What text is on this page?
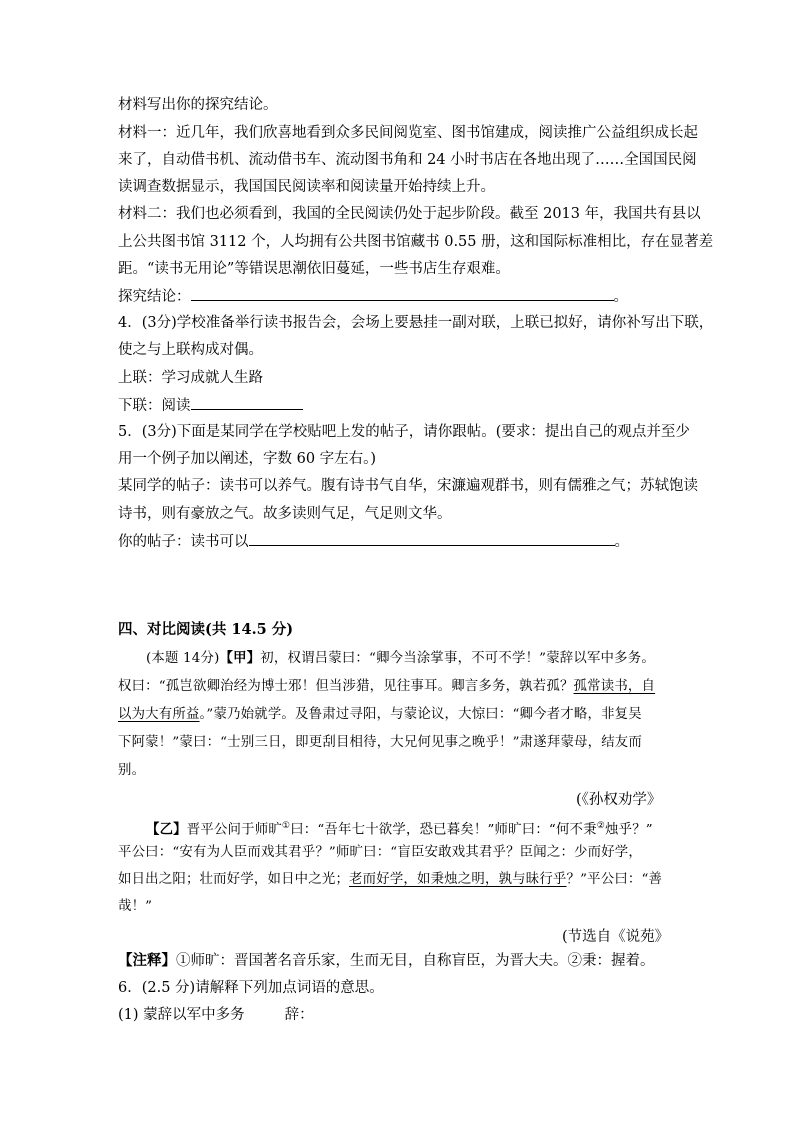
材料写出你的探究结论。
材料一：近几年，我们欣喜地看到众多民间阅览室、图书馆建成，阅读推广公益组织成长起
来了，自动借书机、流动借书车、流动图书角和 24 小时书店在各地出现了……全国国民阅
读调查数据显示，我国国民阅读率和阅读量开始持续上升。
材料二：我们也必须看到，我国的全民阅读仍处于起步阶段。截至 2013 年，我国共有县以
上公共图书馆 3112 个，人均拥有公共图书馆藏书 0.55 册，这和国际标准相比，存在显著差
距。“读书无用论”等错误思潮依旧蔓延，一些书店生存艰难。
探究结论：	。
4．(3分)学校准备举行读书报告会，会场上要悬挂一副对联，上联已拟好，请你补写出下联，
使之与上联构成对偶。
上联：学习成就人生路
下联：阅读
5．(3分)下面是某同学在学校贴吧上发的帖子，请你跟帖。(要求：提出自己的观点并至少
用一个例子加以阐述，字数 60 字左右。)
某同学的帖子：读书可以养气。腹有诗书气自华，宋濂遍观群书，则有儒雅之气；苏轼饱读
诗书，则有豪放之气。故多读则气足，气足则文华。
你的帖子：读书可以	。
四、对比阅读(共 14.5 分)
(本题 14分)【甲】初，权谓吕蒙曰：“卿今当涂掌事，不可不学！”蒙辞以军中多务。
权曰：“孤岂欲卿治经为博士邪！但当涉猎，见往事耳。卿言多务，孰若孤？孤常读书，自
以为大有所益。”蒙乃始就学。及鲁肃过寻阳，与蒙论议，大惊曰：“卿今者才略，非复吴
下阿蒙！”蒙曰：“士别三日，即更刮目相待，大兄何见事之晚乎！”肃遂拜蒙母，结友而
别。
(《孙权劝学》
【乙】晋平公问于师旷①曰：“吾年七十欲学，恐已暮矣！”师旷曰：“何不秉②烛乎？”
平公曰：“安有为人臣而戏其君乎？”师旷曰：“盲臣安敢戏其君乎？臣闻之：少而好学，
如日出之阳；壮而好学，如日中之光；老而好学，如秉烛之明，孰与昧行乎？”平公曰：“善
哉！”
(节选自《说苑》
【注释】①师旷：晋国著名音乐家，生而无目，自称盲臣，为晋大夫。②秉：握着。
6．(2.5 分)请解释下列加点词语的意思。
(1) 蒙辞以军中多务	辞：
